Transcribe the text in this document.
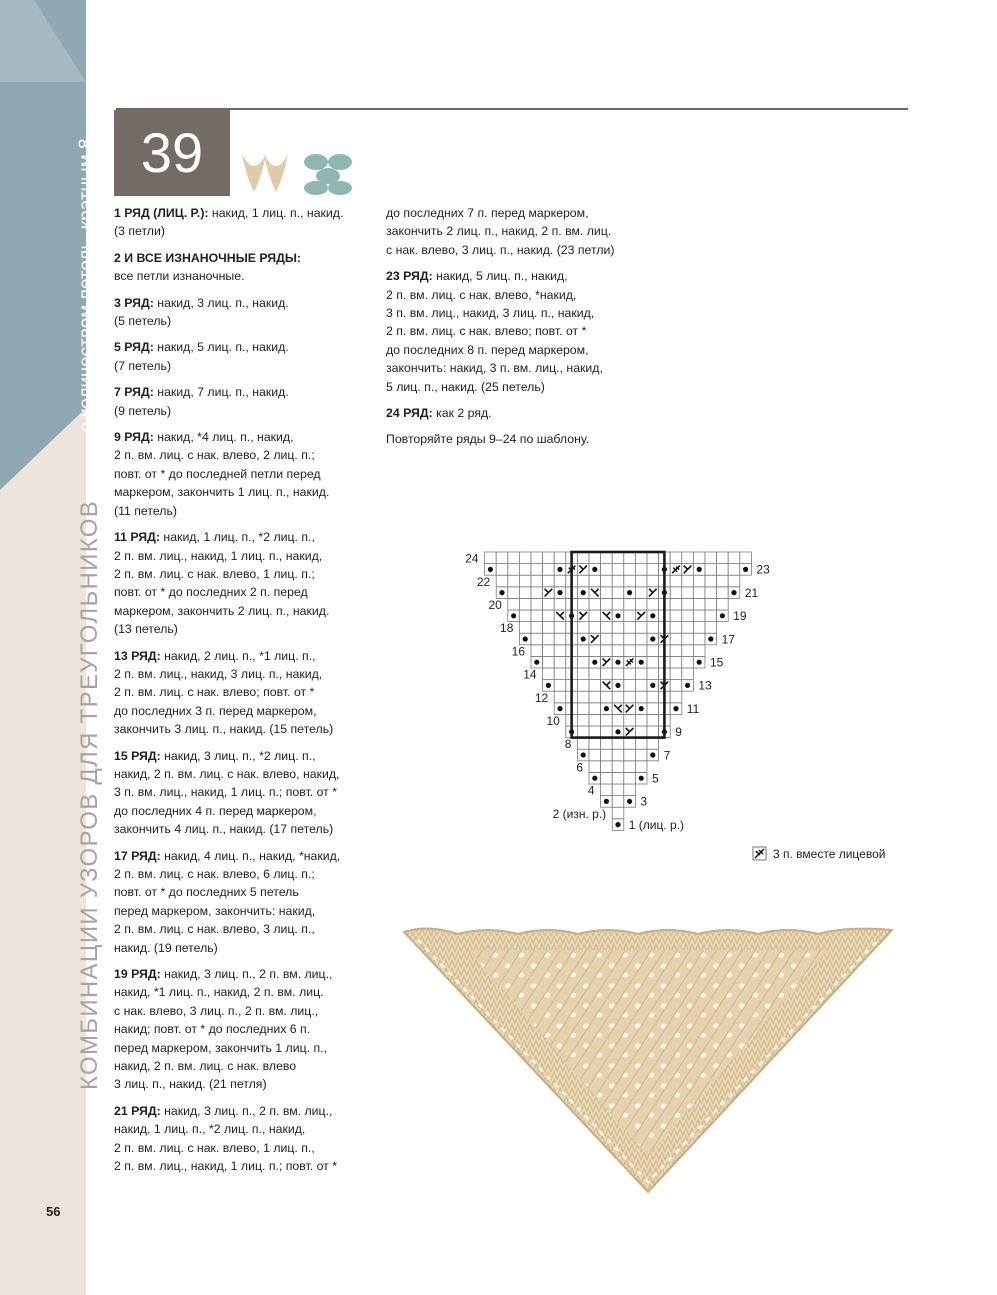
с количеством петель, кратным 8
КОМБИНАЦИИ УЗОРОВ ДЛЯ ТРЕУГОЛЬНИКОВ
56
39
1 РЯД (ЛИЦ. Р.): накид, 1 лиц. п., накид.
(3 петли)
2 И ВСЕ ИЗНАНОЧНЫЕ РЯДЫ:
все петли изнаночные.
3 РЯД: накид, 3 лиц. п., накид.
(5 петель)
5 РЯД: накид, 5 лиц. п., накид.
(7 петель)
7 РЯД: накид, 7 лиц. п., накид.
(9 петель)
9 РЯД: накид, *4 лиц. п., накид,
2 п. вм. лиц. с нак. влево, 2 лиц. п.;
повт. от * до последней петли перед
маркером, закончить 1 лиц. п., накид.
(11 петель)
11 РЯД: накид, 1 лиц. п., *2 лиц. п.,
2 п. вм. лиц., накид, 1 лиц. п., накид,
2 п. вм. лиц. с нак. влево, 1 лиц. п.;
повт. от * до последних 2 п. перед
маркером, закончить 2 лиц. п., накид.
(13 петель)
13 РЯД: накид, 2 лиц. п., *1 лиц. п.,
2 п. вм. лиц., накид, 3 лиц. п., накид,
2 п. вм. лиц. с нак. влево; повт. от *
до последних 3 п. перед маркером,
закончить 3 лиц. п., накид. (15 петель)
15 РЯД: накид, 3 лиц. п., *2 лиц. п.,
накид, 2 п. вм. лиц. с нак. влево, накид,
3 п. вм. лиц., накид, 1 лиц. п.; повт. от *
до последних 4 п. перед маркером,
закончить 4 лиц. п., накид. (17 петель)
17 РЯД: накид, 4 лиц. п., накид, *накид,
2 п. вм. лиц. с нак. влево, 6 лиц. п.;
повт. от * до последних 5 петель
перед маркером, закончить: накид,
2 п. вм. лиц. с нак. влево, 3 лиц. п.,
накид. (19 петель)
19 РЯД: накид, 3 лиц. п., 2 п. вм. лиц.,
накид, *1 лиц. п., накид, 2 п. вм. лиц.
с нак. влево, 3 лиц. п., 2 п. вм. лиц.,
накид; повт. от * до последних 6 п.
перед маркером, закончить 1 лиц. п.,
накид, 2 п. вм. лиц. с нак. влево
3 лиц. п., накид. (21 петля)
21 РЯД: накид, 3 лиц. п., 2 п. вм. лиц.,
накид, 1 лиц. п., *2 лиц. п., накид,
2 п. вм. лиц. с нак. влево, 1 лиц. п.,
2 п. вм. лиц., накид, 1 лиц. п.; повт. от *
до последних 7 п. перед маркером,
закончить 2 лиц. п., накид, 2 п. вм. лиц.
с нак. влево, 3 лиц. п., накид. (23 петли)
23 РЯД: накид, 5 лиц. п., накид,
2 п. вм. лиц. с нак. влево, *накид,
3 п. вм. лиц., накид, 3 лиц. п., накид,
2 п. вм. лиц. с нак. влево; повт. от *
до последних 8 п. перед маркером,
закончить: накид, 3 п. вм. лиц., накид,
5 лиц. п., накид. (25 петель)
24 РЯД: как 2 ряд.
Повторяйте ряды 9–24 по шаблону.
1 (лиц. р.)
3
5
7
9
11
13
15
17
19
21
23
2 (изн. р.)
4
6
8
10
12
14
16
18
20
22
24
3 п. вместе лицевой
